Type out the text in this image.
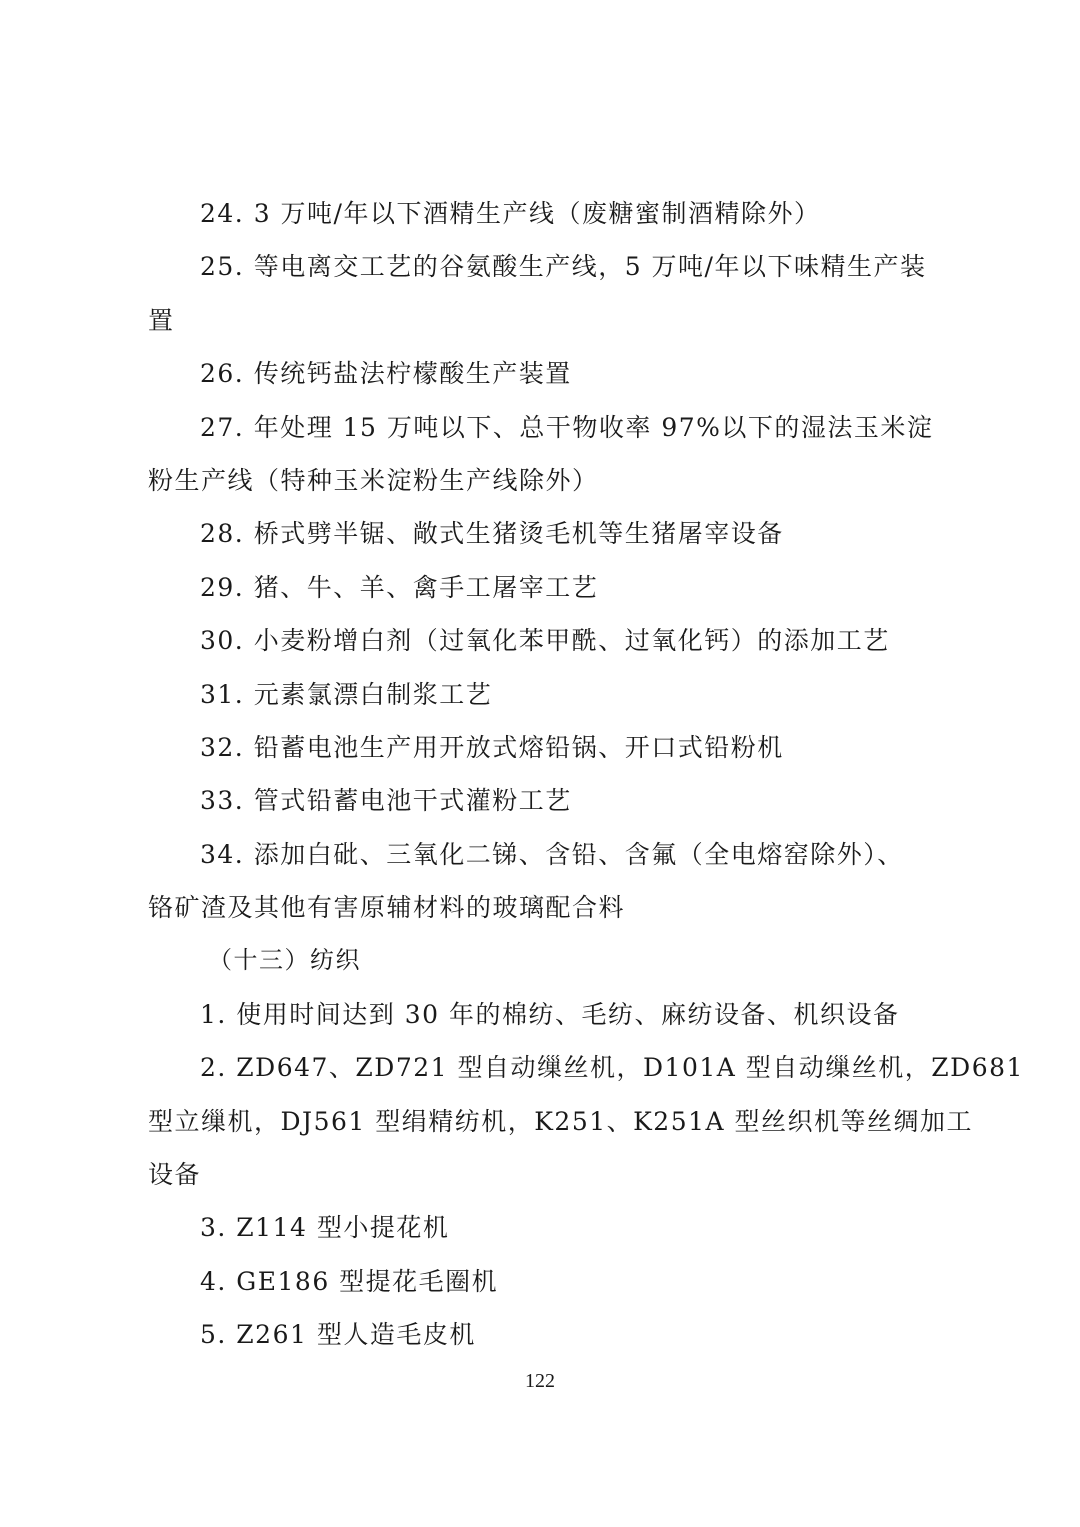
24. 3 万吨/年以下酒精生产线（废糖蜜制酒精除外）
25. 等电离交工艺的谷氨酸生产线，5 万吨/年以下味精生产装
置
26. 传统钙盐法柠檬酸生产装置
27. 年处理 15 万吨以下、总干物收率 97%以下的湿法玉米淀
粉生产线（特种玉米淀粉生产线除外）
28. 桥式劈半锯、敞式生猪烫毛机等生猪屠宰设备
29. 猪、牛、羊、禽手工屠宰工艺
30. 小麦粉增白剂（过氧化苯甲酰、过氧化钙）的添加工艺
31. 元素氯漂白制浆工艺
32. 铅蓄电池生产用开放式熔铅锅、开口式铅粉机
33. 管式铅蓄电池干式灌粉工艺
34. 添加白砒、三氧化二锑、含铅、含氟（全电熔窑除外）、
铬矿渣及其他有害原辅材料的玻璃配合料
（十三）纺织
1. 使用时间达到 30 年的棉纺、毛纺、麻纺设备、机织设备
2. ZD647、ZD721 型自动缫丝机，D101A 型自动缫丝机，ZD681
型立缫机，DJ561 型绢精纺机，K251、K251A 型丝织机等丝绸加工
设备
3. Z114 型小提花机
4. GE186 型提花毛圈机
5. Z261 型人造毛皮机
122
